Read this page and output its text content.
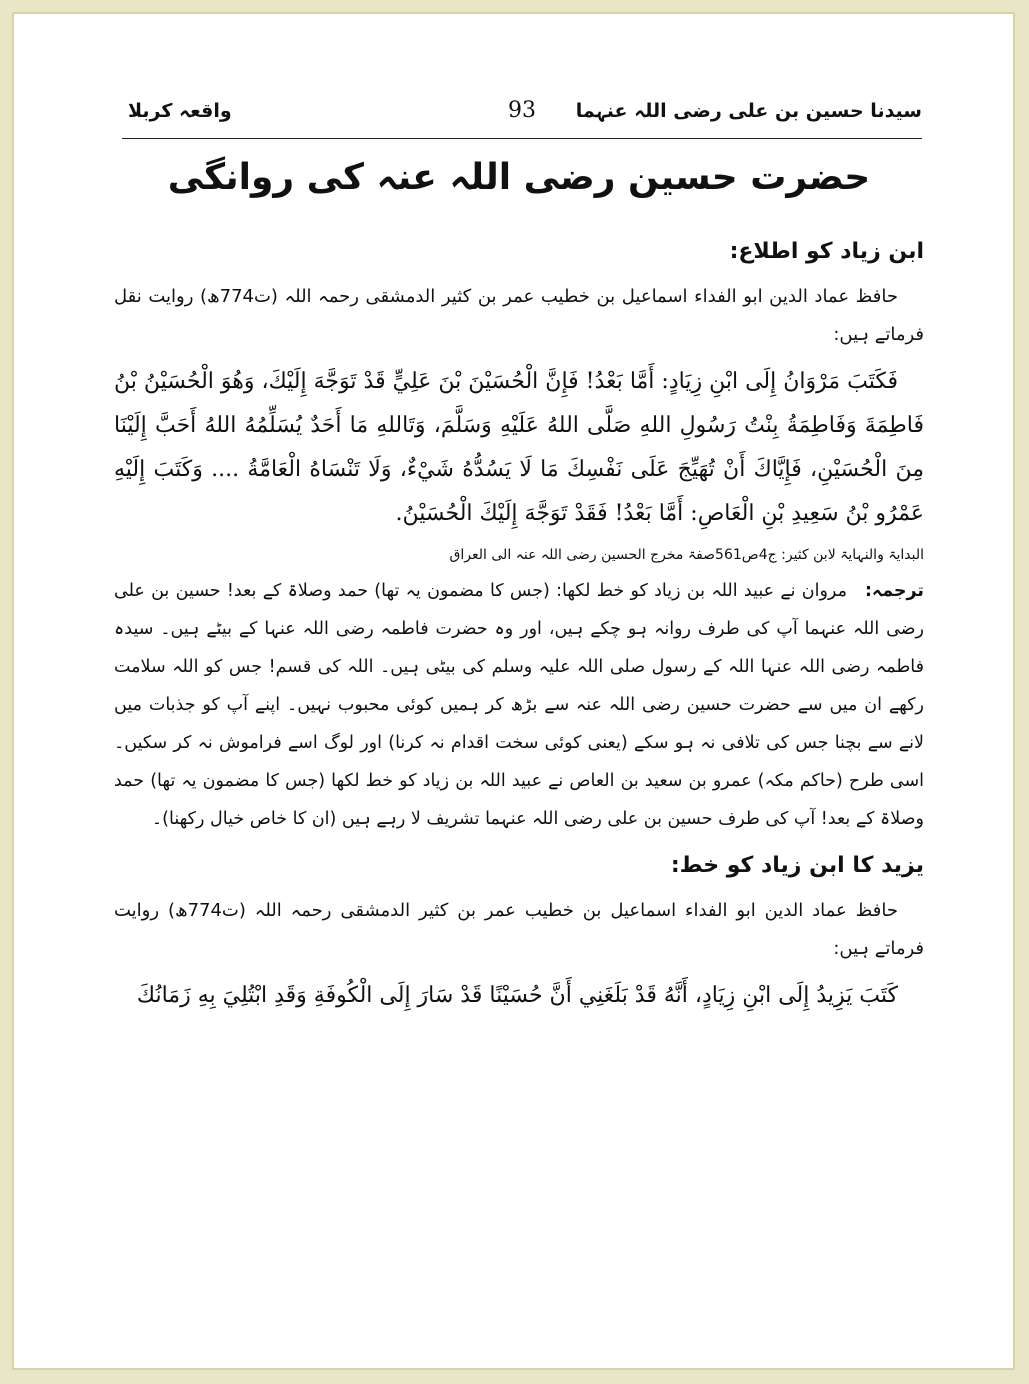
سیدنا حسین بن علی رضی اللہ عنہما
93
واقعہ کربلا
حضرت حسین رضی اللہ عنہ کی روانگی
ابن زیاد کو اطلاع:

حافظ عماد الدین ابو الفداء اسماعیل بن خطیب عمر بن کثیر الدمشقی رحمہ اللہ (ت774ھ) روایت نقل فرماتے ہیں:

فَكَتَبَ مَرْوَانُ إِلَى ابْنِ زِيَادٍ: أَمَّا بَعْدُ! فَإِنَّ الْحُسَيْنَ بْنَ عَلِيٍّ قَدْ تَوَجَّهَ إِلَيْكَ، وَهُوَ الْحُسَيْنُ بْنُ فَاطِمَةَ وَفَاطِمَةُ بِنْتُ رَسُولِ اللهِ صَلَّى اللهُ عَلَيْهِ وَسَلَّمَ، وَتَاللهِ مَا أَحَدٌ يُسَلِّمُهُ اللهُ أَحَبَّ إِلَيْنَا مِنَ الْحُسَيْنِ، فَإِيَّاكَ أَنْ تُهَيِّجَ عَلَى نَفْسِكَ مَا لَا يَسُدُّهُ شَيْءٌ، وَلَا تَنْسَاهُ الْعَامَّةُ .... وَكَتَبَ إِلَيْهِ عَمْرُو بْنُ سَعِيدِ بْنِ الْعَاصِ: أَمَّا بَعْدُ! فَقَدْ تَوَجَّهَ إِلَيْكَ الْحُسَيْنُ.

البدایۃ والنہایۃ لابن کثیر: ج4ص561صفۃ مخرج الحسین رضی اللہ عنہ الی العراق

ترجمہ:مروان نے عبید اللہ بن زیاد کو خط لکھا: (جس کا مضمون یہ تھا) حمد وصلاۃ کے بعد! حسین بن علی رضی اللہ عنہما آپ کی طرف روانہ ہو چکے ہیں، اور وہ حضرت فاطمہ رضی اللہ عنہا کے بیٹے ہیں۔ سیدہ فاطمہ رضی اللہ عنہا اللہ کے رسول صلی اللہ علیہ وسلم کی بیٹی ہیں۔ اللہ کی قسم! جس کو اللہ سلامت رکھے ان میں سے حضرت حسین رضی اللہ عنہ سے بڑھ کر ہمیں کوئی محبوب نہیں۔ اپنے آپ کو جذبات میں لانے سے بچنا جس کی تلافی نہ ہو سکے (یعنی کوئی سخت اقدام نہ کرنا) اور لوگ اسے فراموش نہ کر سکیں۔ اسی طرح (حاکم مکہ) عمرو بن سعید بن العاص نے عبید اللہ بن زیاد کو خط لکھا (جس کا مضمون یہ تھا) حمد وصلاۃ کے بعد! آپ کی طرف حسین بن علی رضی اللہ عنہما تشریف لا رہے ہیں (ان کا خاص خیال رکھنا)۔

یزید کا ابن زیاد کو خط:

حافظ عماد الدین ابو الفداء اسماعیل بن خطیب عمر بن کثیر الدمشقی رحمہ اللہ (ت774ھ) روایت فرماتے ہیں:

كَتَبَ يَزِيدُ إِلَى ابْنِ زِيَادٍ، أَنَّهُ قَدْ بَلَغَنِي أَنَّ حُسَيْنًا قَدْ سَارَ إِلَى الْكُوفَةِ وَقَدِ ابْتُلِيَ بِهِ زَمَانُكَ
